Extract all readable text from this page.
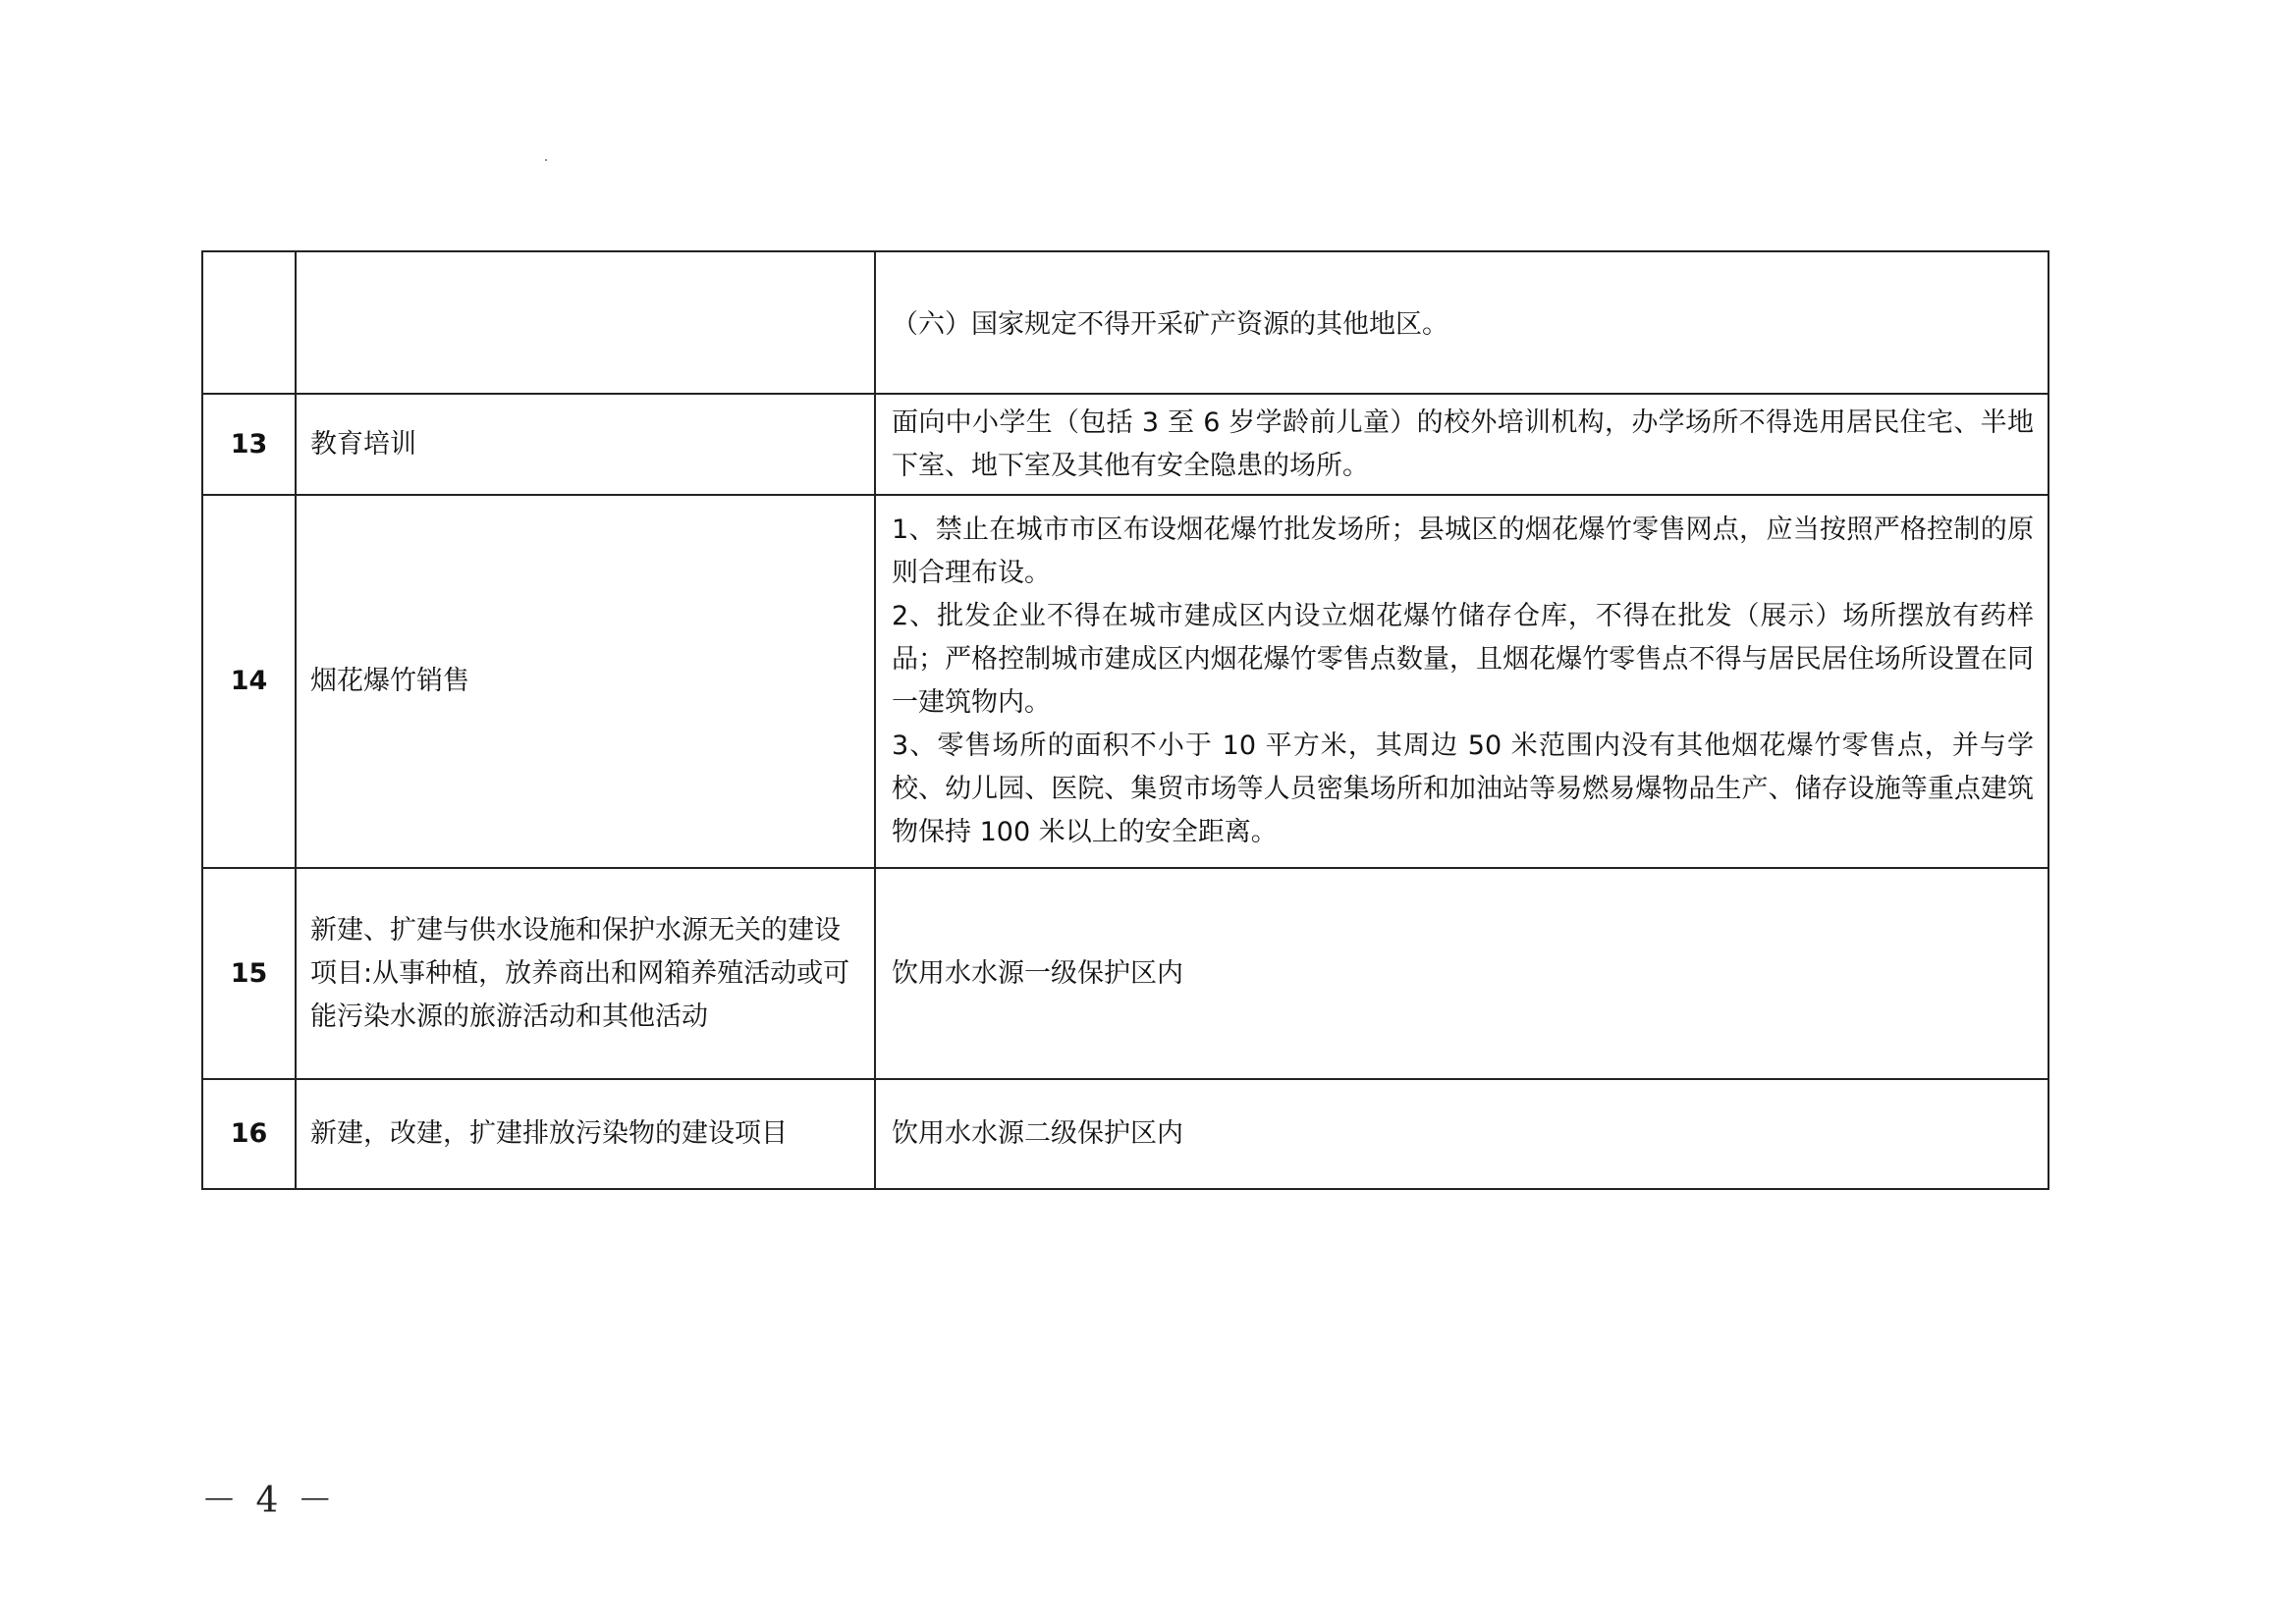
		（六）国家规定不得开采矿产资源的其他地区。

13	教育培训	面向中小学生（包括 3 至 6 岁学龄前儿童）的校外培训机构，办学场所不得选用居民住宅、半地下室、地下室及其他有安全隐患的场所。

14	烟花爆竹销售	1、禁止在城市市区布设烟花爆竹批发场所；县城区的烟花爆竹零售网点，应当按照严格控制的原则合理布设。
2、批发企业不得在城市建成区内设立烟花爆竹储存仓库，不得在批发（展示）场所摆放有药样品；严格控制城市建成区内烟花爆竹零售点数量，且烟花爆竹零售点不得与居民居住场所设置在同一建筑物内。
3、零售场所的面积不小于 10 平方米，其周边 50 米范围内没有其他烟花爆竹零售点，并与学校、幼儿园、医院、集贸市场等人员密集场所和加油站等易燃易爆物品生产、储存设施等重点建筑物保持 100 米以上的安全距离。

15	新建、扩建与供水设施和保护水源无关的建设项目:从事种植，放养商出和网箱养殖活动或可能污染水源的旅游活动和其他活动	饮用水水源一级保护区内

16	新建，改建，扩建排放污染物的建设项目	饮用水水源二级保护区内
－ 4 －
